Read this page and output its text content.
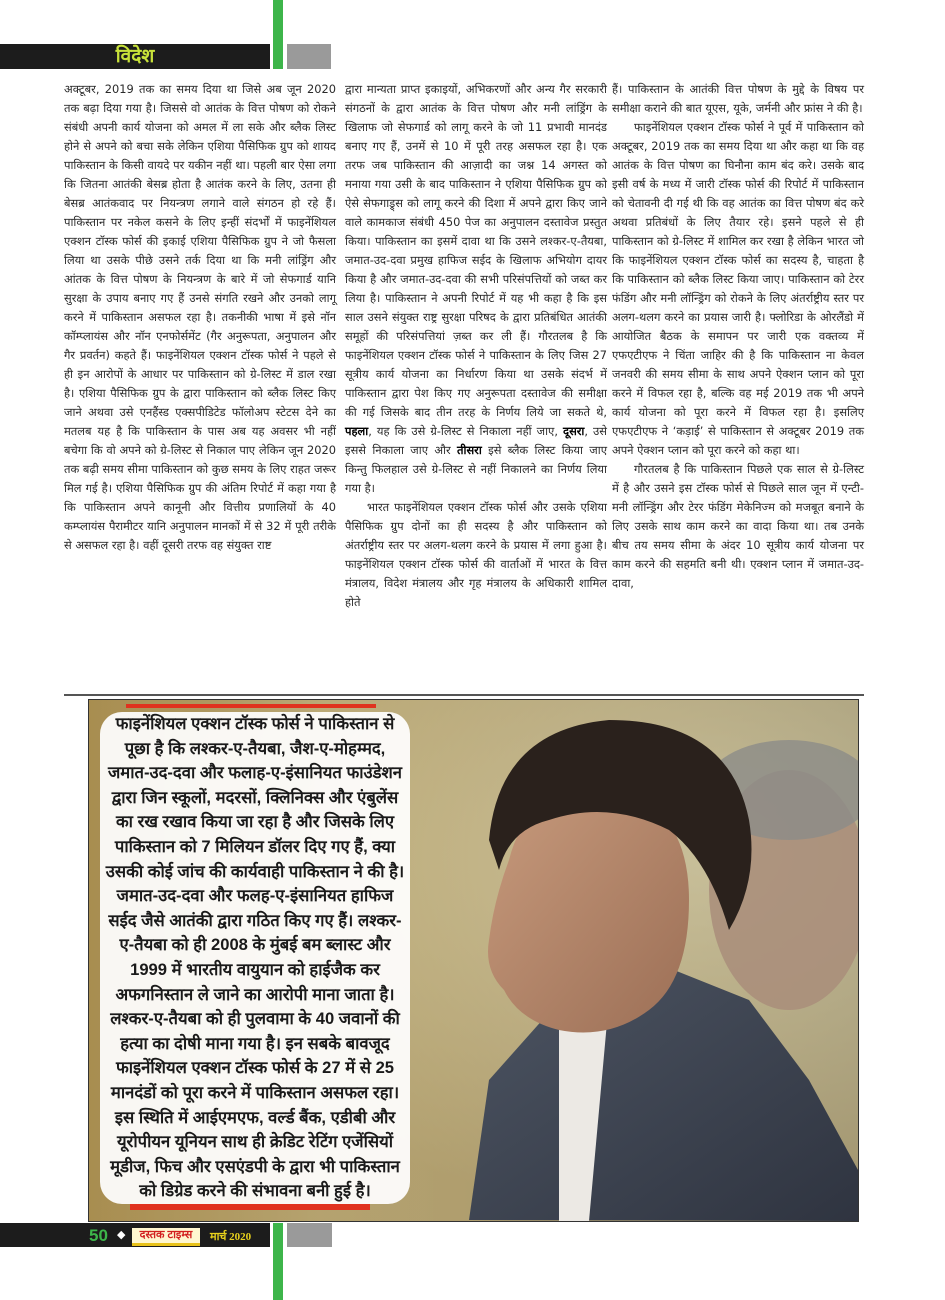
विदेश

अक्टूबर, 2019 तक का समय दिया था जिसे अब जून 2020 तक बढ़ा दिया गया है। जिससे वो आतंक के वित्त पोषण को रोकने संबंधी अपनी कार्य योजना को अमल में ला सके और ब्लैक लिस्ट होने से अपने को बचा सके लेकिन एशिया पैसिफिक ग्रुप को शायद पाकिस्तान के किसी वायदे पर यकीन नहीं था। पहली बार ऐसा लगा कि जितना आतंकी बेसब्र होता है आतंक करने के लिए, उतना ही बेसब्र आतंकवाद पर नियन्त्रण लगाने वाले संगठन हो रहे हैं। पाकिस्तान पर नकेल कसने के लिए इन्हीं संदर्भों में फाइनेंशियल एक्शन टॉस्क फोर्स की इकाई एशिया पैसिफिक ग्रुप ने जो फैसला लिया था उसके पीछे उसने तर्क दिया था कि मनी लांड्रिंग और आंतक के वित्त पोषण के नियन्त्रण के बारे में जो सेफगार्ड यानि सुरक्षा के उपाय बनाए गए हैं उनसे संगति रखने और उनको लागू करने में पाकिस्तान असफल रहा है। तकनीकी भाषा में इसे नॉन कॉम्प्लायंस और नॉन एनफोर्समेंट (गैर अनुरूपता, अनुपालन और गैर प्रवर्तन) कहते हैं। फाइनेंशियल एक्शन टॉस्क फोर्स ने पहले से ही इन आरोपों के आधार पर पाकिस्तान को ग्रे-लिस्ट में डाल रखा है। एशिया पैसिफिक ग्रुप के द्वारा पाकिस्तान को ब्लैक लिस्ट किए जाने अथवा उसे एनहैंस्ड एक्सपीडिटेड फॉलोअप स्टेटस देने का मतलब यह है कि पाकिस्तान के पास अब यह अवसर भी नहीं बचेगा कि वो अपने को ग्रे-लिस्ट से निकाल पाए लेकिन जून 2020 तक बढ़ी समय सीमा पाकिस्तान को कुछ समय के लिए राहत जरूर मिल गई है। एशिया पैसिफिक ग्रुप की अंतिम रिपोर्ट में कहा गया है कि पाकिस्तान अपने कानूनी और वित्तीय प्रणालियों के 40 कम्प्लायंस पैरामीटर यानि अनुपालन मानकों में से 32 में पूरी तरीके से असफल रहा है। वहीं दूसरी तरफ वह संयुक्त राष्ट

द्वारा मान्यता प्राप्त इकाइयों, अभिकरणों और अन्य गैर सरकारी संगठनों के द्वारा आतंक के वित्त पोषण और मनी लांड्रिंग के खिलाफ जो सेफगार्ड को लागू करने के जो 11 प्रभावी मानदंड बनाए गए हैं, उनमें से 10 में पूरी तरह असफल रहा है। एक तरफ जब पाकिस्तान की आज़ादी का जश्न 14 अगस्त को मनाया गया उसी के बाद पाकिस्तान ने एशिया पैसिफिक ग्रुप को ऐसे सेफगाड्र्स को लागू करने की दिशा में अपने द्वारा किए जाने वाले कामकाज संबंधी 450 पेज का अनुपालन दस्तावेज प्रस्तुत किया। पाकिस्तान का इसमें दावा था कि उसने लश्कर-ए-तैयबा, जमात-उद-दवा प्रमुख हाफिज सईद के खिलाफ अभियोग दायर किया है और जमात-उद-दवा की सभी परिसंपत्तियों को जब्त कर लिया है। पाकिस्तान ने अपनी रिपोर्ट में यह भी कहा है कि इस साल उसने संयुक्त राष्ट्र सुरक्षा परिषद के द्वारा प्रतिबंधित आतंकी समूहों की परिसंपत्तियां ज़ब्त कर ली हैं। गौरतलब है कि फाइनेंशियल एक्शन टॉस्क फोर्स ने पाकिस्तान के लिए जिस 27 सूत्रीय कार्य योजना का निर्धारण किया था उसके संदर्भ में पाकिस्तान द्वारा पेश किए गए अनुरूपता दस्तावेज की समीक्षा की गई जिसके बाद तीन तरह के निर्णय लिये जा सकते थे, पहला, यह कि उसे ग्रे-लिस्ट से निकाला नहीं जाए, दूसरा, उसे इससे निकाला जाए और तीसरा इसे ब्लैक लिस्ट किया जाए किन्तु फिलहाल उसे ग्रे-लिस्ट से नहीं निकालने का निर्णय लिया गया है।

भारत फाइनेंशियल एक्शन टॉस्क फोर्स और उसके एशिया पैसिफिक ग्रुप दोनों का ही सदस्य है और पाकिस्तान को अंतर्राष्ट्रीय स्तर पर अलग-थलग करने के प्रयास में लगा हुआ है। फाइनेंशियल एक्शन टॉस्क फोर्स की वार्ताओं में भारत के वित्त मंत्रालय, विदेश मंत्रालय और गृह मंत्रालय के अधिकारी शामिल होते

हैं। पाकिस्तान के आतंकी वित्त पोषण के मुद्दे के विषय पर समीक्षा कराने की बात यूएस, यूके, जर्मनी और फ्रांस ने की है।

फाइनेंशियल एक्शन टॉस्क फोर्स ने पूर्व में पाकिस्तान को अक्टूबर, 2019 तक का समय दिया था और कहा था कि वह आतंक के वित्त पोषण का घिनौना काम बंद करे। उसके बाद इसी वर्ष के मध्य में जारी टॉस्क फोर्स की रिपोर्ट में पाकिस्तान को चेतावनी दी गई थी कि वह आतंक का वित्त पोषण बंद करे अथवा प्रतिबंधों के लिए तैयार रहे। इसने पहले से ही पाकिस्तान को ग्रे-लिस्ट में शामिल कर रखा है लेकिन भारत जो कि फाइनेंशियल एक्शन टॉस्क फोर्स का सदस्य है, चाहता है कि पाकिस्तान को ब्लैक लिस्ट किया जाए। पाकिस्तान को टेरर फंडिंग और मनी लॉन्ड्रिंग को रोकने के लिए अंतर्राष्ट्रीय स्तर पर अलग-थलग करने का प्रयास जारी है। फ्लोरिडा के ओरलैंडो में आयोजित बैठक के समापन पर जारी एक वक्तव्य में एफएटीएफ ने चिंता जाहिर की है कि पाकिस्तान ना केवल जनवरी की समय सीमा के साथ अपने ऐक्शन प्लान को पूरा करने में विफल रहा है, बल्कि वह मई 2019 तक भी अपने कार्य योजना को पूरा करने में विफल रहा है। इसलिए एफएटीएफ ने ‘कड़ाई’ से पाकिस्तान से अक्टूबर 2019 तक अपने ऐक्शन प्लान को पूरा करने को कहा था।

गौरतलब है कि पाकिस्तान पिछले एक साल से ग्रे-लिस्ट में है और उसने इस टॉस्क फोर्स से पिछले साल जून में एन्टी-मनी लॉन्ड्रिंग और टेरर फंडिंग मेकेनिज्म को मजबूत बनाने के लिए उसके साथ काम करने का वादा किया था। तब उनके बीच तय समय सीमा के अंदर 10 सूत्रीय कार्य योजना पर काम करने की सहमति बनी थी। एक्शन प्लान में जमात-उद-दावा,

फाइनेंशियल एक्शन टॉस्क फोर्स ने पाकिस्तान से पूछा है कि लश्कर-ए-तैयबा, जैश-ए-मोहम्मद, जमात-उद-दवा और फलाह-ए-इंसानियत फाउंडेशन द्वारा जिन स्कूलों, मदरसों, क्लिनिक्स और एंबुलेंस का रख रखाव किया जा रहा है और जिसके लिए पाकिस्तान को 7 मिलियन डॉलर दिए गए हैं, क्या उसकी कोई जांच की कार्यवाही पाकिस्तान ने की है। जमात-उद-दवा और फलह-ए-इंसानियत हाफिज सईद जैसे आतंकी द्वारा गठित किए गए हैं। लश्कर-ए-तैयबा को ही 2008 के मुंबई बम ब्लास्ट और 1999 में भारतीय वायुयान को हाईजैक कर अफगनिस्तान ले जाने का आरोपी माना जाता है। लश्कर-ए-तैयबा को ही पुलवामा के 40 जवानों की हत्या का दोषी माना गया है। इन सबके बावजूद फाइनेंशियल एक्शन टॉस्क फोर्स के 27 में से 25 मानदंडों को पूरा करने में पाकिस्तान असफल रहा। इस स्थिति में आईएमएफ, वर्ल्ड बैंक, एडीबी और यूरोपीयन यूनियन साथ ही क्रेडिट रेटिंग एजेंसियों मूडीज, फिच और एसएंडपी के द्वारा भी पाकिस्तान को डिग्रेड करने की संभावना बनी हुई है।
50 ◆	दस्तक टाइम्स	मार्च 2020
